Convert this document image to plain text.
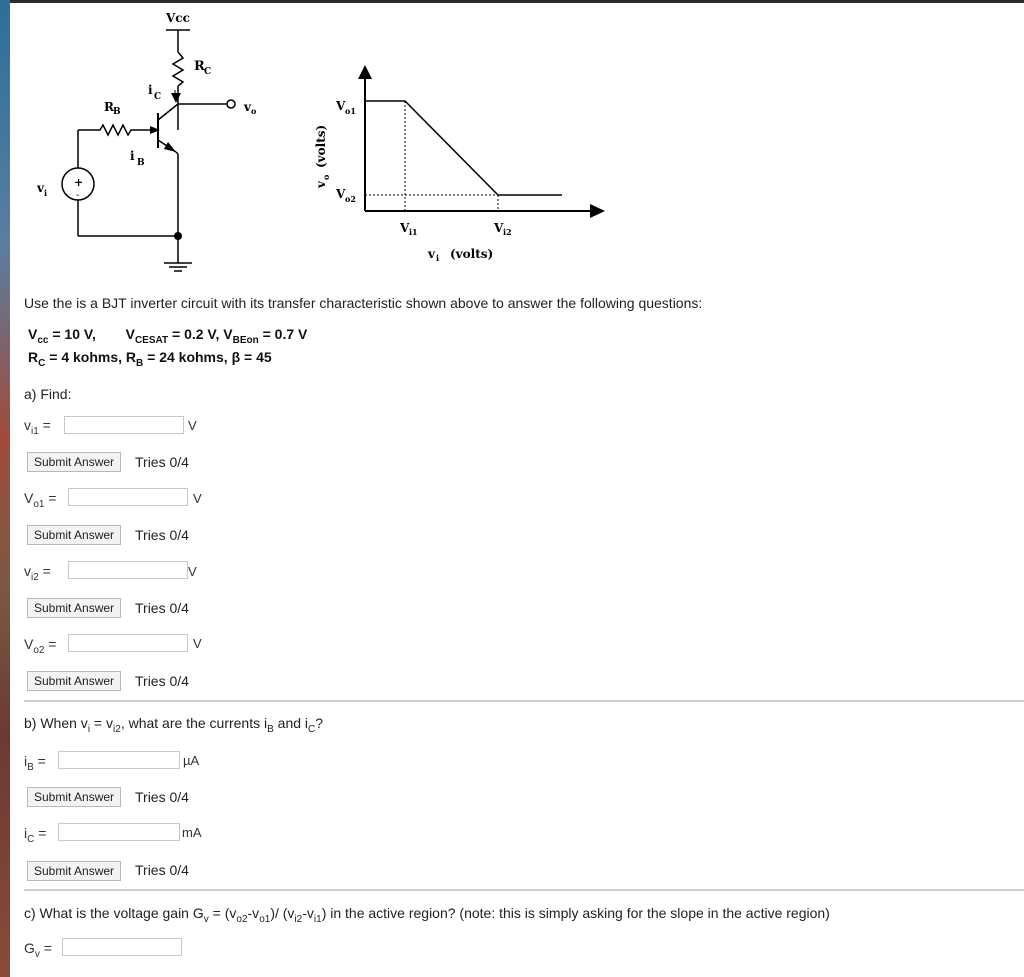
Vcc
R C
i C
R B
i B
v o
v i
+
-
V o1
V o2
V i1	V i2
v i (volts)
v
o
(volts)
Use the is a BJT inverter circuit with its transfer characteristic shown above to answer the following questions:
$V_{cc} = 10$ V, $V_{CESAT} = 0.2$ V, $V_{BEon} = 0.7$ V
$R_C = 4$ kohms, $R_B = 24$ kohms, β = 45
a) Find:
$v_{i1}$ =	V
Submit Answer	Tries 0/4
$V_{o1}$ =	V
Submit Answer	Tries 0/4
$v_{i2}$ =	V
Submit Answer	Tries 0/4
$V_{o2}$ =	V
Submit Answer	Tries 0/4
b) When $v_i = v_{i2}$, what are the currents $i_B$ and $i_C$?
$i_B$ =	µA
Submit Answer	Tries 0/4
$i_C$ =	mA
Submit Answer	Tries 0/4
c) What is the voltage gain $G_v = (v_{o2}-v_{o1})/$ $(v_{i2}-v_{i1})$ in the active region? (note: this is simply asking for the slope in the active region)
$G_v$ =
